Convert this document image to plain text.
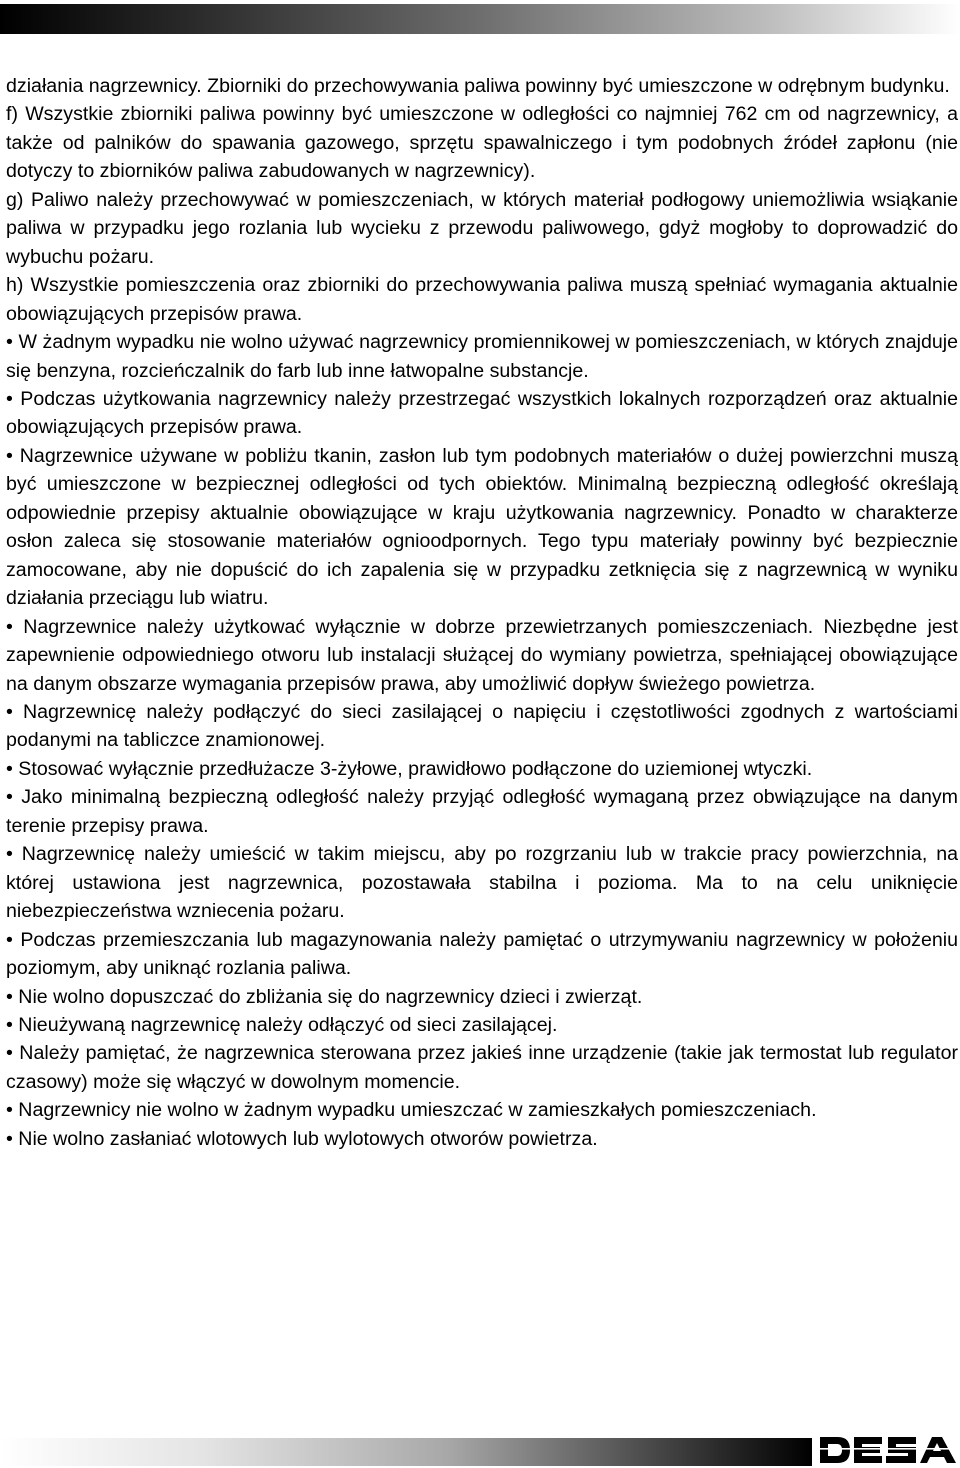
działania nagrzewnicy. Zbiorniki do przechowywania paliwa powinny być umieszczone w odrębnym budynku.

f) Wszystkie zbiorniki paliwa powinny być umieszczone w odległości co najmniej 762 cm od nagrzewnicy, a także od palników do spawania gazowego, sprzętu spawalniczego i tym podobnych źródeł zapłonu (nie dotyczy to zbiorników paliwa zabudowanych w nagrzewnicy).

g) Paliwo należy przechowywać w pomieszczeniach, w których materiał podłogowy uniemożliwia wsiąkanie paliwa w przypadku jego rozlania lub wycieku z przewodu paliwowego, gdyż mogłoby to doprowadzić do wybuchu pożaru.

h) Wszystkie pomieszczenia oraz zbiorniki do przechowywania paliwa muszą spełniać wymagania aktualnie obowiązujących przepisów prawa.

• W żadnym wypadku nie wolno używać nagrzewnicy promiennikowej w pomieszczeniach, w których znajduje się benzyna, rozcieńczalnik do farb lub inne łatwopalne substancje.

• Podczas użytkowania nagrzewnicy należy przestrzegać wszystkich lokalnych rozporządzeń oraz aktualnie obowiązujących przepisów prawa.

• Nagrzewnice używane w pobliżu tkanin, zasłon lub tym podobnych materiałów o dużej powierzchni muszą być umieszczone w bezpiecznej odległości od tych obiektów. Minimalną bezpieczną odległość określają odpowiednie przepisy aktualnie obowiązujące w kraju użytkowania nagrzewnicy. Ponadto w charakterze osłon zaleca się stosowanie materiałów ognioodpornych. Tego typu materiały powinny być bezpiecznie zamocowane, aby nie dopuścić do ich zapalenia się w przypadku zetknięcia się z nagrzewnicą w wyniku działania przeciągu lub wiatru.

• Nagrzewnice należy użytkować wyłącznie w dobrze przewietrzanych pomieszczeniach. Niezbędne jest zapewnienie odpowiedniego otworu lub instalacji służącej do wymiany powietrza, spełniającej obowiązujące na danym obszarze wymagania przepisów prawa, aby umożliwić dopływ świeżego powietrza.

• Nagrzewnicę należy podłączyć do sieci zasilającej o napięciu i częstotliwości zgodnych z wartościami podanymi na tabliczce znamionowej.

• Stosować wyłącznie przedłużacze 3-żyłowe, prawidłowo podłączone do uziemionej wtyczki.

• Jako minimalną bezpieczną odległość należy przyjąć odległość wymaganą przez obwiązujące na danym terenie przepisy prawa.

• Nagrzewnicę należy umieścić w takim miejscu, aby po rozgrzaniu lub w trakcie pracy powierzchnia, na której ustawiona jest nagrzewnica, pozostawała stabilna i pozioma. Ma to na celu uniknięcie niebezpieczeństwa wzniecenia pożaru.

• Podczas przemieszczania lub magazynowania należy pamiętać o utrzymywaniu nagrzewnicy w położeniu poziomym, aby uniknąć rozlania paliwa.

• Nie wolno dopuszczać do zbliżania się do nagrzewnicy dzieci i zwierząt.

• Nieużywaną nagrzewnicę należy odłączyć od sieci zasilającej.

• Należy pamiętać, że nagrzewnica sterowana przez jakieś inne urządzenie (takie jak termostat lub regulator czasowy) może się włączyć w dowolnym momencie.

• Nagrzewnicy nie wolno w żadnym wypadku umieszczać w zamieszkałych pomieszczeniach.

• Nie wolno zasłaniać wlotowych lub wylotowych otworów powietrza.
